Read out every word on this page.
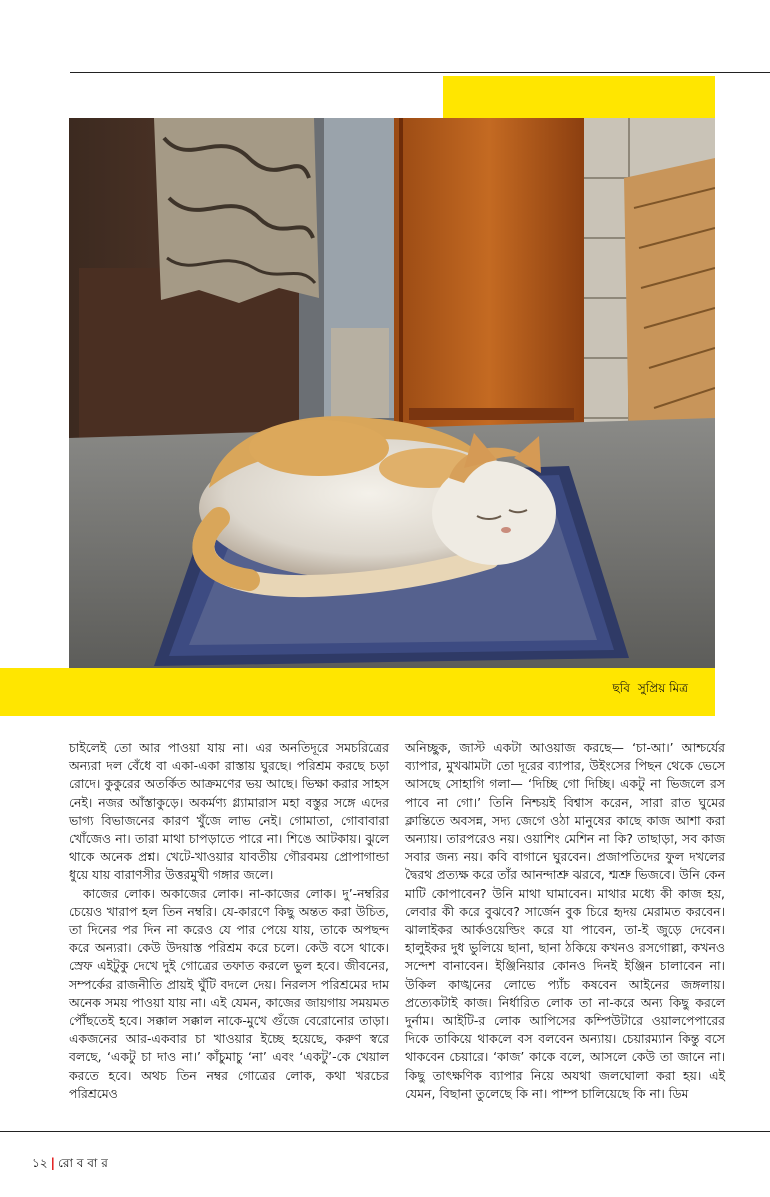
ছবি সুপ্রিয় মিত্র

চাইলেই তো আর পাওয়া যায় না। এর অনতিদূরে সমচরিত্রের অন্যরা দল বেঁধে বা একা-একা রাস্তায় ঘুরছে। পরিশ্রম করছে চড়া রোদে। কুকুরের অতর্কিত আক্রমণের ভয় আছে। ভিক্ষা করার সাহস নেই। নজর আঁস্তাকুড়ে। অকর্মণ্য গ্ল্যামারাস মহা বস্তুর সঙ্গে এদের ভাগ্য বিভাজনের কারণ খুঁজে লাভ নেই। গোমাতা, গোবাবারা খোঁজেও না। তারা মাথা চাপড়াতে পারে না। শিঙে আটকায়। ঝুলে থাকে অনেক প্রশ্ন। খেটে-খাওয়ার যাবতীয় গৌরবময় প্রোপাগান্ডা ধুয়ে যায় বারাণসীর উত্তরমুখী গঙ্গার জলে।

কাজের লোক। অকাজের লোক। না-কাজের লোক। দু’-নম্বরির চেয়েও খারাপ হল তিন নম্বরি। যে-কারণে কিছু অন্তত করা উচিত, তা দিনের পর দিন না করেও যে পার পেয়ে যায়, তাকে অপছন্দ করে অন্যরা। কেউ উদয়াস্ত পরিশ্রম করে চলে। কেউ বসে থাকে। স্রেফ এইটুকু দেখে দুই গোত্রের তফাত করলে ভুল হবে। জীবনের, সম্পর্কের রাজনীতি প্রায়ই ঘুঁটি বদলে দেয়। নিরলস পরিশ্রমের দাম অনেক সময় পাওয়া যায় না। এই যেমন, কাজের জায়গায় সময়মত পৌঁছতেই হবে। সক্কাল সক্কাল নাকে-মুখে গুঁজে বেরোনোর তাড়া। একজনের আর-একবার চা খাওয়ার ইচ্ছে হয়েছে, করুণ স্বরে বলছে, ‘একটু চা দাও না।’ কাঁচুমাচু ‘না’ এবং ‘একটু’-কে খেয়াল করতে হবে। অথচ তিন নম্বর গোত্রের লোক, কথা খরচের পরিশ্রমেও

অনিচ্ছুক, জাস্ট একটা আওয়াজ করছে— ‘চা-আ।’ আশ্চর্যের ব্যাপার, মুখঝামটা তো দূরের ব্যাপার, উইংসের পিছন থেকে ভেসে আসছে সোহাগি গলা— ‘দিচ্ছি গো দিচ্ছি। একটু না ভিজলে রস পাবে না গো।’ তিনি নিশ্চয়ই বিশ্বাস করেন, সারা রাত ঘুমের ক্লান্তিতে অবসন্ন, সদ্য জেগে ওঠা মানুষের কাছে কাজ আশা করা অন্যায়। তারপরেও নয়। ওয়াশিং মেশিন না কি? তাছাড়া, সব কাজ সবার জন্য নয়। কবি বাগানে ঘুরবেন। প্রজাপতিদের ফুল দখলের দ্বৈরথ প্রত্যক্ষ করে তাঁর আনন্দাশ্রু ঝরবে, শ্মশ্রু ভিজবে। উনি কেন মাটি কোপাবেন? উনি মাথা ঘামাবেন। মাথার মধ্যে কী কাজ হয়, লেবার কী করে বুঝবে? সার্জেন বুক চিরে হৃদয় মেরামত করবেন। ঝালাইকর আর্কওয়েল্ডিং করে যা পাবেন, তা-ই জুড়ে দেবেন। হালুইকর দুধ ভুলিয়ে ছানা, ছানা ঠকিয়ে কখনও রসগোল্লা, কখনও সন্দেশ বানাবেন। ইঞ্জিনিয়ার কোনও দিনই ইঞ্জিন চালাবেন না। উকিল কাঙ্খনের লোভে প্যাঁচ কষবেন আইনের জঙ্গলায়। প্রত্যেকটাই কাজ। নির্ধারিত লোক তা না-করে অন্য কিছু করলে দুর্নাম। আইটি-র লোক আপিসের কম্পিউটারে ওয়ালপেপারের দিকে তাকিয়ে থাকলে বস বলবেন অন্যায়। চেয়ারম্যান কিন্তু বসে থাকবেন চেয়ারে। ‘কাজ’ কাকে বলে, আসলে কেউ তা জানে না। কিছু তাৎক্ষণিক ব্যাপার নিয়ে অযথা জলঘোলা করা হয়। এই যেমন, বিছানা তুলেছে কি না। পাম্প চালিয়েছে কি না। ডিম

১২ | রো ব বা র
